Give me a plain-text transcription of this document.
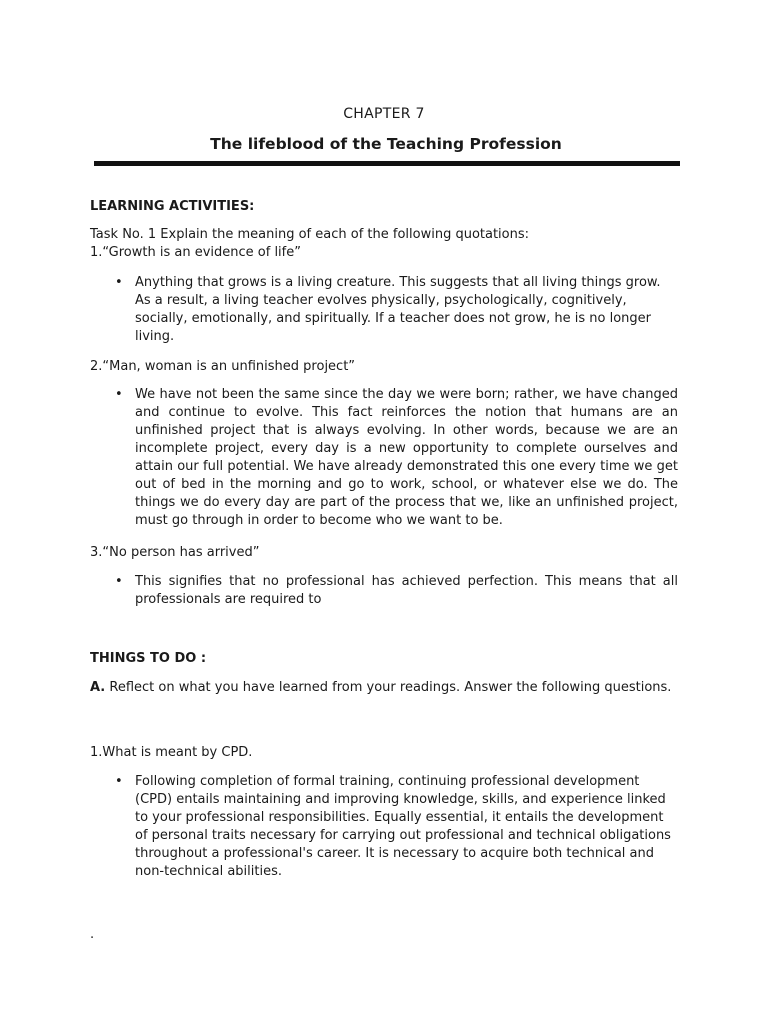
CHAPTER 7
The lifeblood of the Teaching Profession
LEARNING ACTIVITIES:
Task No. 1 Explain the meaning of each of the following quotations:
1.“Growth is an evidence of life”
• Anything that grows is a living creature. This suggests that all living things grow. As a result, a living teacher evolves physically, psychologically, cognitively, socially, emotionally, and spiritually. If a teacher does not grow, he is no longer living.
2.“Man, woman is an unfinished project”
• We have not been the same since the day we were born; rather, we have changed and continue to evolve. This fact reinforces the notion that humans are an unfinished project that is always evolving. In other words, because we are an incomplete project, every day is a new opportunity to complete ourselves and attain our full potential. We have already demonstrated this one every time we get out of bed in the morning and go to work, school, or whatever else we do. The things we do every day are part of the process that we, like an unfinished project, must go through in order to become who we want to be.
3.“No person has arrived”
• This signifies that no professional has achieved perfection. This means that all professionals are required to
THINGS TO DO :

A. Reflect on what you have learned from your readings. Answer the following questions.

1.What is meant by CPD.
• Following completion of formal training, continuing professional development (CPD) entails maintaining and improving knowledge, skills, and experience linked to your professional responsibilities. Equally essential, it entails the development of personal traits necessary for carrying out professional and technical obligations throughout a professional's career. It is necessary to acquire both technical and non-technical abilities.
.
